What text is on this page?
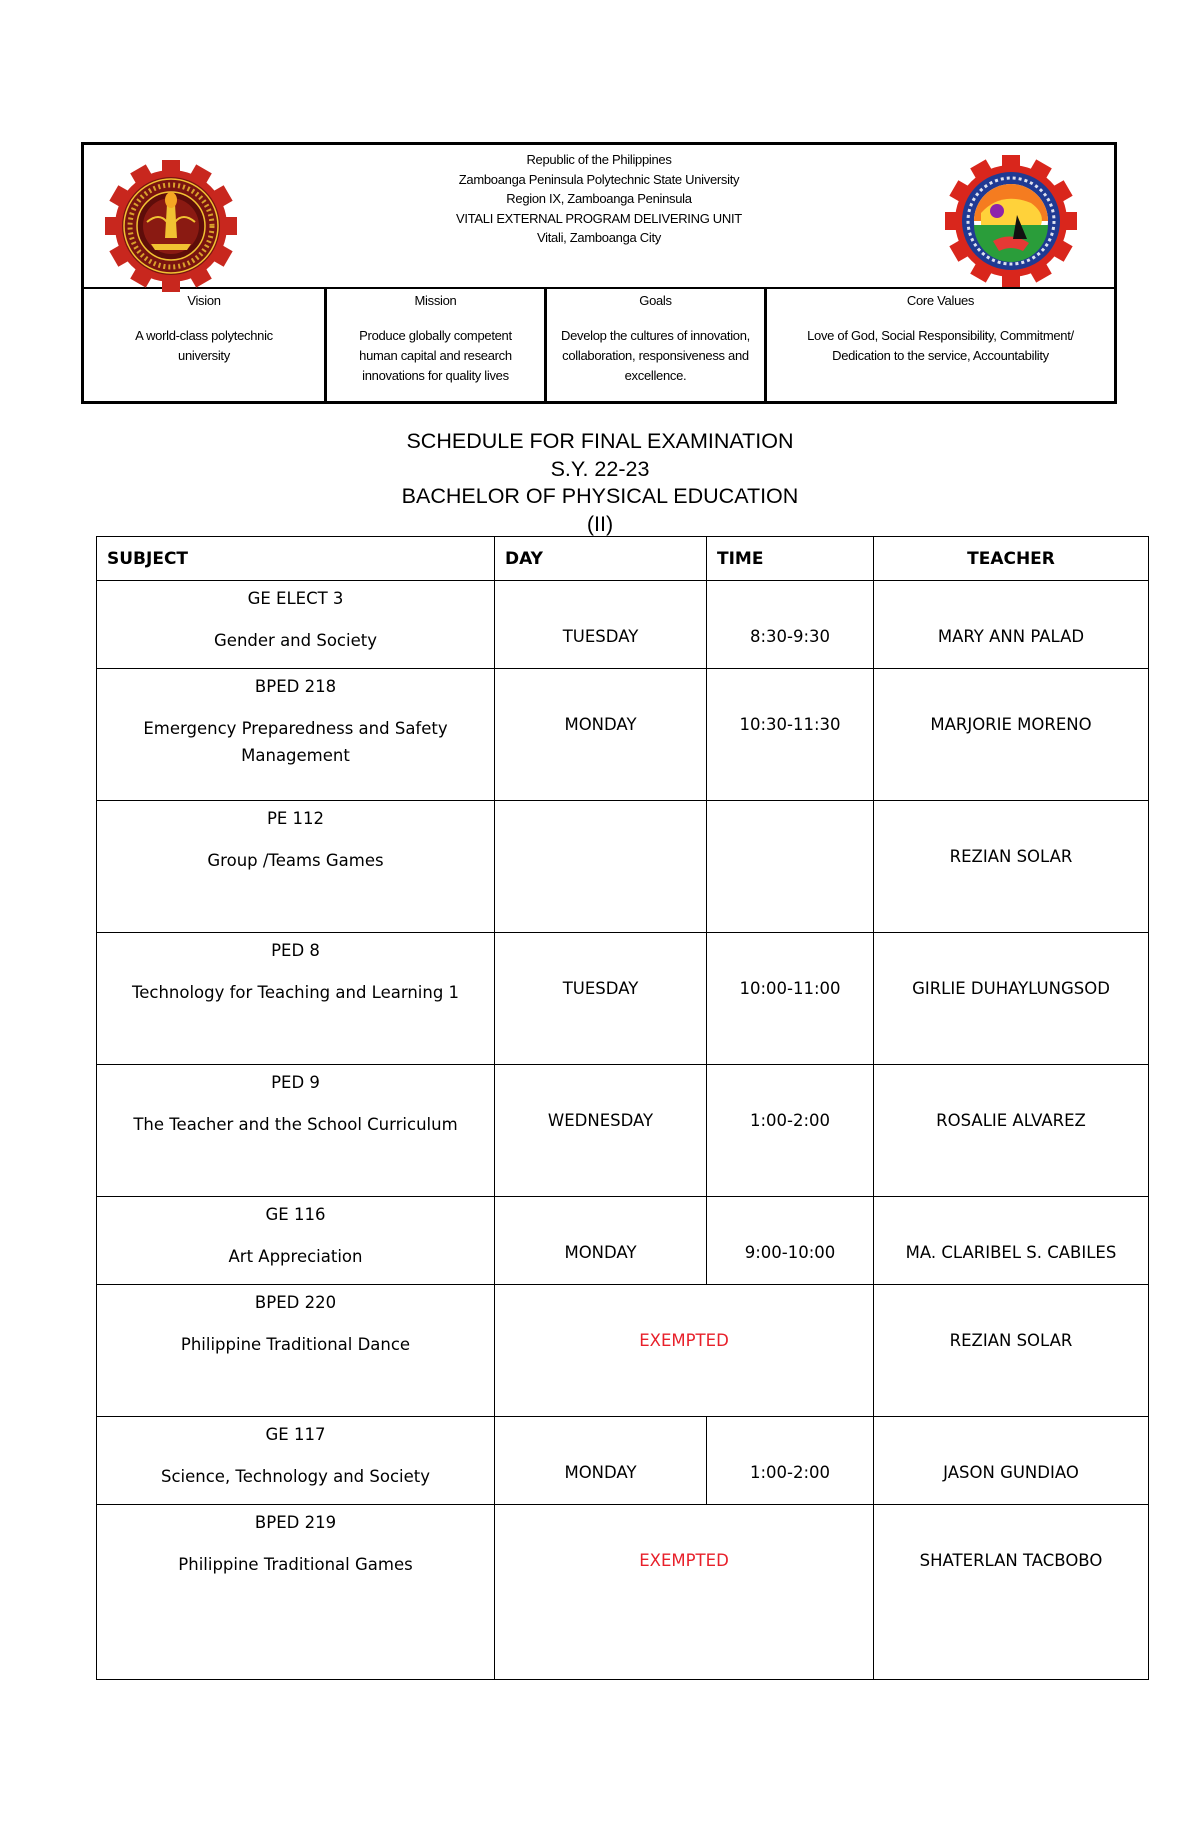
Republic of the Philippines
Zamboanga Peninsula Polytechnic State University
Region IX, Zamboanga Peninsula
VITALI EXTERNAL PROGRAM DELIVERING UNIT
Vitali, Zamboanga City
Vision
A world-class polytechnic university
Mission
Produce globally competent human capital and research innovations for quality lives
Goals
Develop the cultures of innovation, collaboration, responsiveness and excellence.
Core Values
Love of God, Social Responsibility, Commitment/ Dedication to the service, Accountability
SCHEDULE FOR FINAL EXAMINATION
S.Y. 22-23
BACHELOR OF PHYSICAL EDUCATION
(II)
SUBJECT	DAY	TIME	TEACHER

GE ELECT 3
Gender and Society	TUESDAY	8:30-9:30	MARY ANN PALAD

BPED 218
Emergency Preparedness and Safety Management	MONDAY	10:30-11:30	MARJORIE MORENO

PE 112
Group /Teams Games			REZIAN SOLAR

PED 8
Technology for Teaching and Learning 1	TUESDAY	10:00-11:00	GIRLIE DUHAYLUNGSOD

PED 9
The Teacher and the School Curriculum	WEDNESDAY	1:00-2:00	ROSALIE ALVAREZ

GE 116
Art Appreciation	MONDAY	9:00-10:00	MA. CLARIBEL S. CABILES

BPED 220
Philippine Traditional Dance	EXEMPTED		REZIAN SOLAR

GE 117
Science, Technology and Society	MONDAY	1:00-2:00	JASON GUNDIAO

BPED 219
Philippine Traditional Games	EXEMPTED		SHATERLAN TACBOBO
